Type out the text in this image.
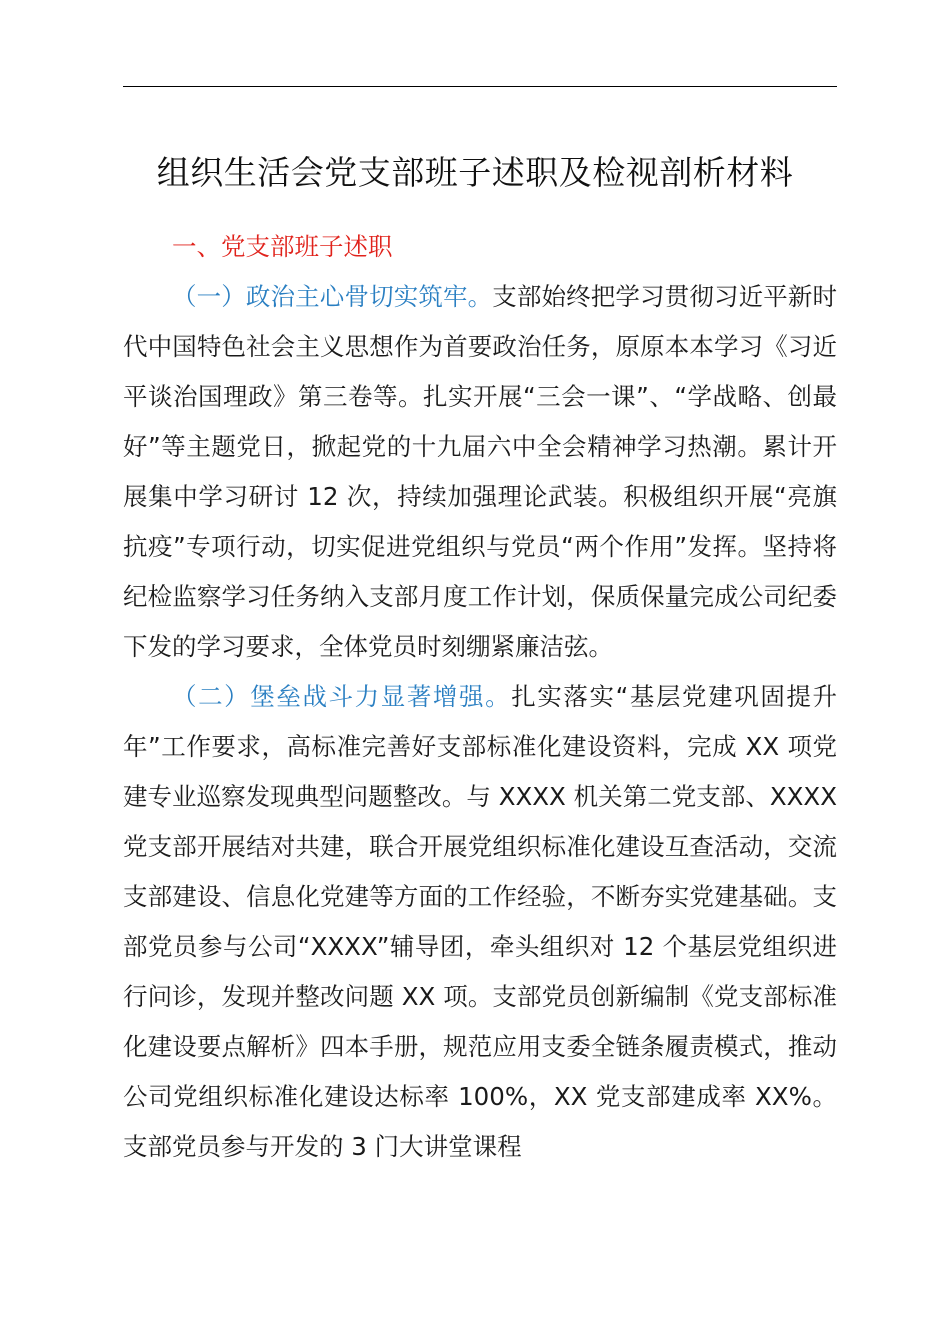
组织生活会党支部班子述职及检视剖析材料

一、党支部班子述职

（一）政治主心骨切实筑牢。支部始终把学习贯彻习近平新时代中国特色社会主义思想作为首要政治任务，原原本本学习《习近平谈治国理政》第三卷等。扎实开展“三会一课”、“学战略、创最好”等主题党日，掀起党的十九届六中全会精神学习热潮。累计开展集中学习研讨 12 次，持续加强理论武装。积极组织开展“亮旗抗疫”专项行动，切实促进党组织与党员“两个作用”发挥。坚持将纪检监察学习任务纳入支部月度工作计划，保质保量完成公司纪委下发的学习要求，全体党员时刻绷紧廉洁弦。

（二）堡垒战斗力显著增强。扎实落实“基层党建巩固提升年”工作要求，高标准完善好支部标准化建设资料，完成 XX 项党建专业巡察发现典型问题整改。与 XXXX 机关第二党支部、XXXX 党支部开展结对共建，联合开展党组织标准化建设互查活动，交流支部建设、信息化党建等方面的工作经验，不断夯实党建基础。支部党员参与公司“XXXX”辅导团，牵头组织对 12 个基层党组织进行问诊，发现并整改问题 XX 项。支部党员创新编制《党支部标准化建设要点解析》四本手册，规范应用支委全链条履责模式，推动公司党组织标准化建设达标率 100%，XX 党支部建成率 XX%。支部党员参与开发的 3 门大讲堂课程
